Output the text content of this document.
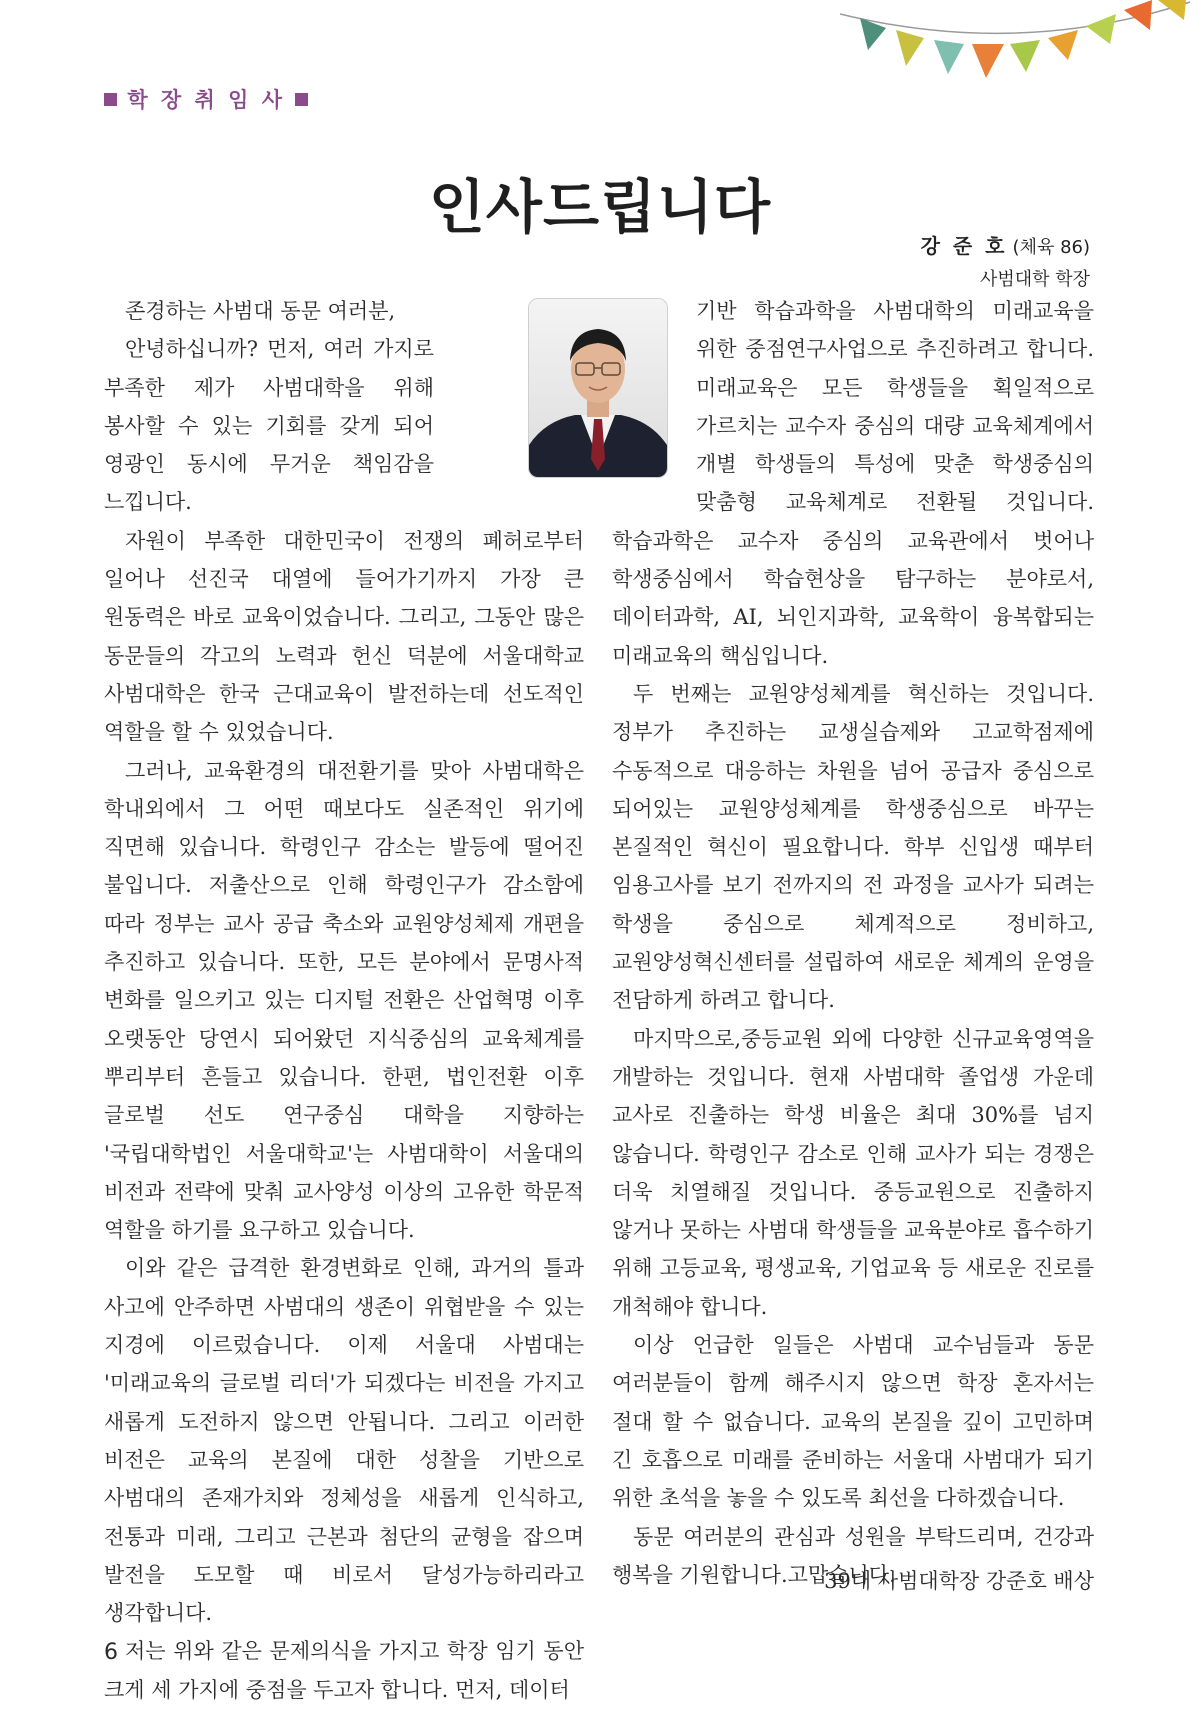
학 장 취 임 사
인사드립니다
강 준 호 (체육 86)
사범대학 학장

존경하는 사범대 동문 여러분,

안녕하십니까? 먼저, 여러 가지로 부족한 제가 사범대학을 위해 봉사할 수 있는 기회를 갖게 되어 영광인 동시에 무거운 책임감을 느낍니다.

자원이 부족한 대한민국이 전쟁의 폐허로부터 일어나 선진국 대열에 들어가기까지 가장 큰 원동력은 바로 교육이었습니다. 그리고, 그동안 많은 동문들의 각고의 노력과 헌신 덕분에 서울대학교 사범대학은 한국 근대교육이 발전하는데 선도적인 역할을 할 수 있었습니다.

그러나, 교육환경의 대전환기를 맞아 사범대학은 학내외에서 그 어떤 때보다도 실존적인 위기에 직면해 있습니다. 학령인구 감소는 발등에 떨어진 불입니다. 저출산으로 인해 학령인구가 감소함에 따라 정부는 교사 공급 축소와 교원양성체제 개편을 추진하고 있습니다. 또한, 모든 분야에서 문명사적 변화를 일으키고 있는 디지털 전환은 산업혁명 이후 오랫동안 당연시 되어왔던 지식중심의 교육체계를 뿌리부터 흔들고 있습니다. 한편, 법인전환 이후 글로벌 선도 연구중심 대학을 지향하는 '국립대학법인 서울대학교'는 사범대학이 서울대의 비전과 전략에 맞춰 교사양성 이상의 고유한 학문적 역할을 하기를 요구하고 있습니다.

이와 같은 급격한 환경변화로 인해, 과거의 틀과 사고에 안주하면 사범대의 생존이 위협받을 수 있는 지경에 이르렀습니다. 이제 서울대 사범대는 '미래교육의 글로벌 리더'가 되겠다는 비전을 가지고 새롭게 도전하지 않으면 안됩니다. 그리고 이러한 비전은 교육의 본질에 대한 성찰을 기반으로 사범대의 존재가치와 정체성을 새롭게 인식하고, 전통과 미래, 그리고 근본과 첨단의 균형을 잡으며 발전을 도모할 때 비로서 달성가능하리라고 생각합니다.

저는 위와 같은 문제의식을 가지고 학장 임기 동안 크게 세 가지에 중점을 두고자 합니다. 먼저, 데이터

기반 학습과학을 사범대학의 미래교육을 위한 중점연구사업으로 추진하려고 합니다. 미래교육은 모든 학생들을 획일적으로 가르치는 교수자 중심의 대량 교육체계에서 개별 학생들의 특성에 맞춘 학생중심의 맞춤형 교육체계로 전환될 것입니다. 학습과학은 교수자 중심의 교육관에서 벗어나 학생중심에서 학습현상을 탐구하는 분야로서, 데이터과학, AI, 뇌인지과학, 교육학이 융복합되는 미래교육의 핵심입니다.

두 번째는 교원양성체계를 혁신하는 것입니다. 정부가 추진하는 교생실습제와 고교학점제에 수동적으로 대응하는 차원을 넘어 공급자 중심으로 되어있는 교원양성체계를 학생중심으로 바꾸는 본질적인 혁신이 필요합니다. 학부 신입생 때부터 임용고사를 보기 전까지의 전 과정을 교사가 되려는 학생을 중심으로 체계적으로 정비하고, 교원양성혁신센터를 설립하여 새로운 체계의 운영을 전담하게 하려고 합니다.

마지막으로,중등교원 외에 다양한 신규교육영역을 개발하는 것입니다. 현재 사범대학 졸업생 가운데 교사로 진출하는 학생 비율은 최대 30%를 넘지 않습니다. 학령인구 감소로 인해 교사가 되는 경쟁은 더욱 치열해질 것입니다. 중등교원으로 진출하지 않거나 못하는 사범대 학생들을 교육분야로 흡수하기 위해 고등교육, 평생교육, 기업교육 등 새로운 진로를 개척해야 합니다.

이상 언급한 일들은 사범대 교수님들과 동문 여러분들이 함께 해주시지 않으면 학장 혼자서는 절대 할 수 없습니다. 교육의 본질을 깊이 고민하며 긴 호흡으로 미래를 준비하는 서울대 사범대가 되기 위한 초석을 놓을 수 있도록 최선을 다하겠습니다.

동문 여러분의 관심과 성원을 부탁드리며, 건강과 행복을 기원합니다.고맙습니다.

39대 사범대학장 강준호 배상
6
